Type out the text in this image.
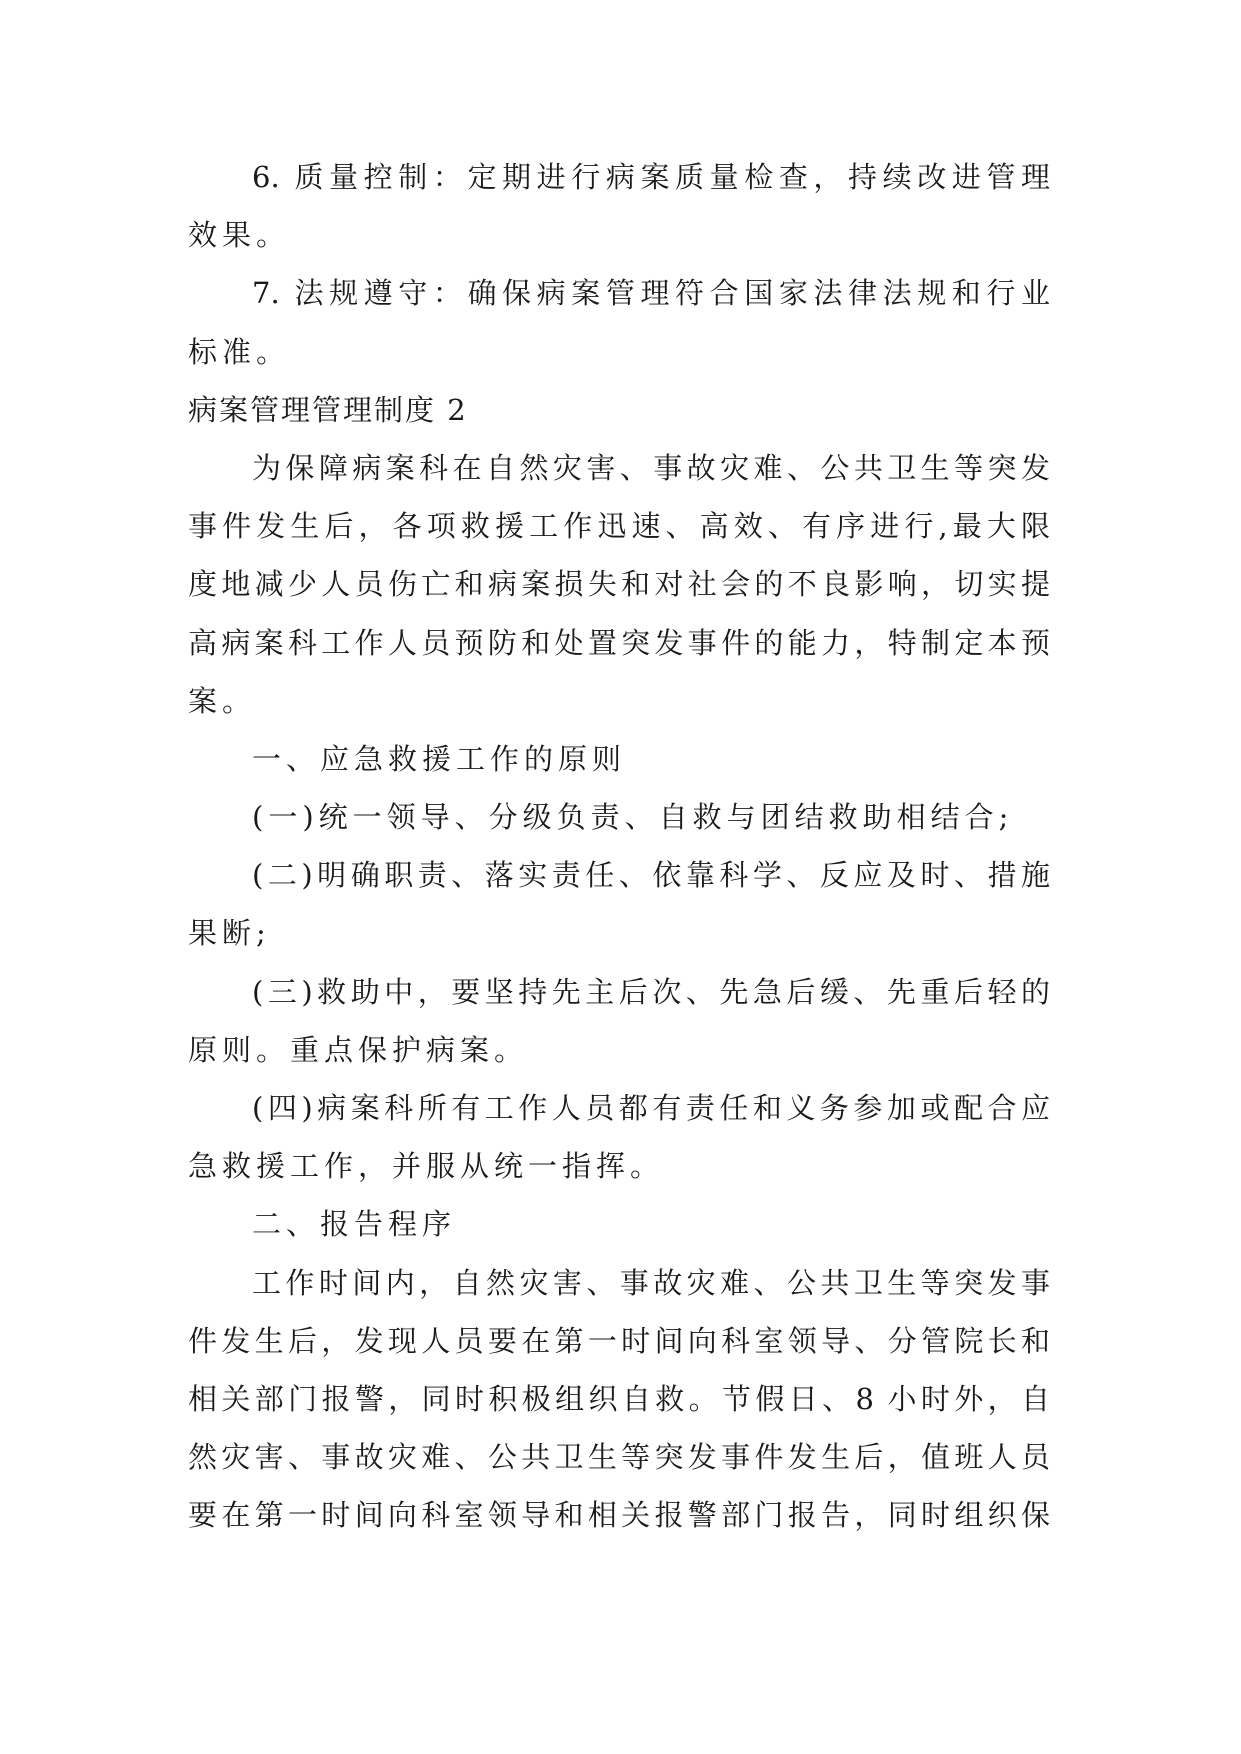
6. 质量控制：定期进行病案质量检查，持续改进管理
效果。
7. 法规遵守：确保病案管理符合国家法律法规和行业
标准。
病案管理管理制度 2
为保障病案科在自然灾害、事故灾难、公共卫生等突发
事件发生后，各项救援工作迅速、高效、有序进行,最大限
度地减少人员伤亡和病案损失和对社会的不良影响，切实提
高病案科工作人员预防和处置突发事件的能力，特制定本预
案。
一、应急救援工作的原则
(一)统一领导、分级负责、自救与团结救助相结合;
(二)明确职责、落实责任、依靠科学、反应及时、措施
果断;
(三)救助中，要坚持先主后次、先急后缓、先重后轻的
原则。重点保护病案。
(四)病案科所有工作人员都有责任和义务参加或配合应
急救援工作，并服从统一指挥。
二、报告程序
工作时间内，自然灾害、事故灾难、公共卫生等突发事
件发生后，发现人员要在第一时间向科室领导、分管院长和
相关部门报警，同时积极组织自救。节假日、8 小时外，自
然灾害、事故灾难、公共卫生等突发事件发生后，值班人员
要在第一时间向科室领导和相关报警部门报告，同时组织保
